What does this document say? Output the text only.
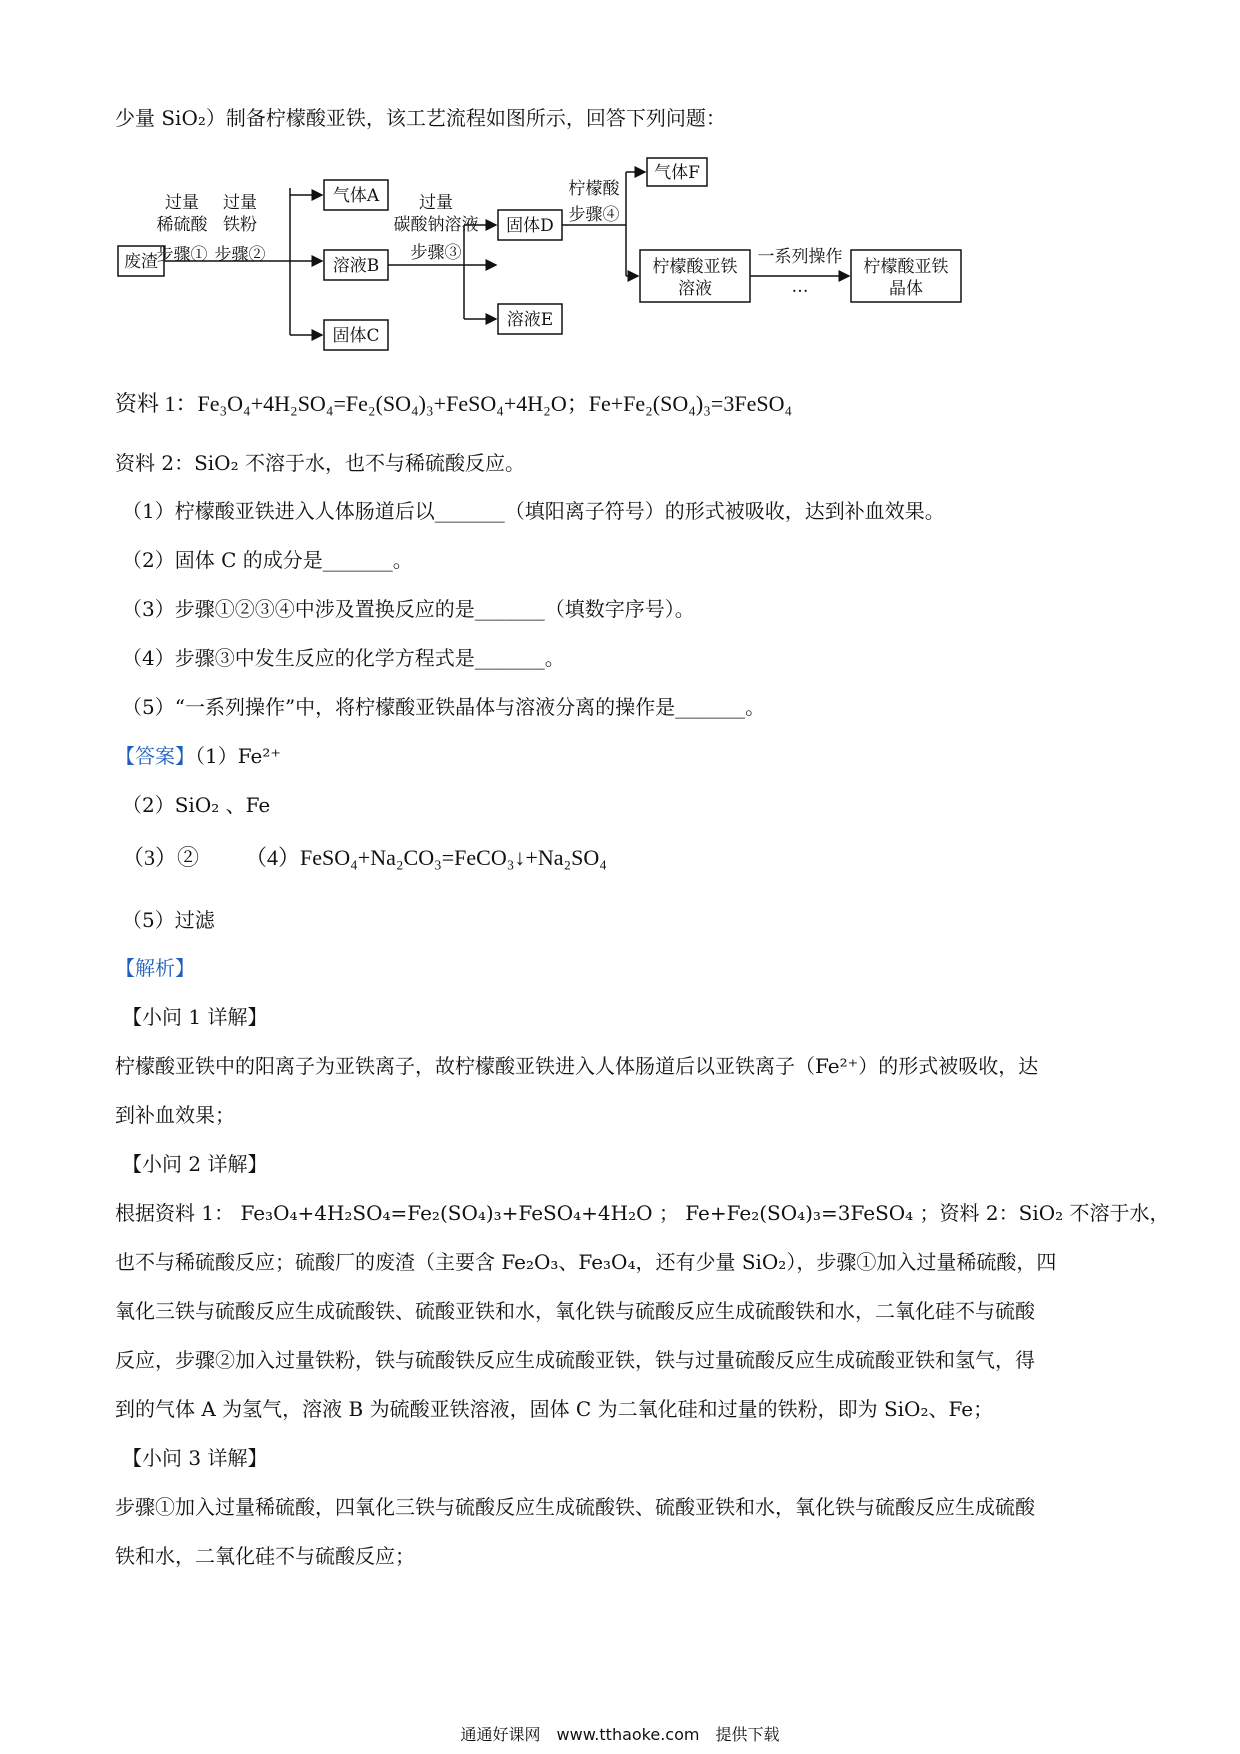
少量 SiO₂）制备柠檬酸亚铁，该工艺流程如图所示，回答下列问题：
废渣
气体A
溶液B
固体C
固体D
溶液E
气体F
柠檬酸亚铁
溶液
柠檬酸亚铁
晶体
过量
稀硫酸
步骤①
过量
铁粉
步骤②
过量
碳酸钠溶液
步骤③
柠檬酸
步骤④
一系列操作
…
资料 1：Fe₃O₄+4H₂SO₄=Fe₂(SO₄)₃+FeSO₄+4H₂O；Fe+Fe₂(SO₄)₃=3FeSO₄
资料 2：SiO₂ 不溶于水，也不与稀硫酸反应。
（1）柠檬酸亚铁进入人体肠道后以_______（填阳离子符号）的形式被吸收，达到补血效果。
（2）固体 C 的成分是_______。
（3）步骤①②③④中涉及置换反应的是_______（填数字序号）。
（4）步骤③中发生反应的化学方程式是_______。
（5）“一系列操作”中，将柠檬酸亚铁晶体与溶液分离的操作是_______。
【答案】（1）Fe²⁺
（2）SiO₂ 、Fe
（3）② （4）FeSO₄+Na₂CO₃=FeCO₃↓+Na₂SO₄
（5）过滤
【解析】
【小问 1 详解】
柠檬酸亚铁中的阳离子为亚铁离子，故柠檬酸亚铁进入人体肠道后以亚铁离子（Fe²⁺）的形式被吸收，达
到补血效果；
【小问 2 详解】
根据资料 1： Fe₃O₄+4H₂SO₄=Fe₂(SO₄)₃+FeSO₄+4H₂O ； Fe+Fe₂(SO₄)₃=3FeSO₄ ；资料 2：SiO₂ 不溶于水，
也不与稀硫酸反应；硫酸厂的废渣（主要含 Fe₂O₃、Fe₃O₄，还有少量 SiO₂），步骤①加入过量稀硫酸，四
氧化三铁与硫酸反应生成硫酸铁、硫酸亚铁和水，氧化铁与硫酸反应生成硫酸铁和水，二氧化硅不与硫酸
反应，步骤②加入过量铁粉，铁与硫酸铁反应生成硫酸亚铁，铁与过量硫酸反应生成硫酸亚铁和氢气，得
到的气体 A 为氢气，溶液 B 为硫酸亚铁溶液，固体 C 为二氧化硅和过量的铁粉，即为 SiO₂、Fe；
【小问 3 详解】
步骤①加入过量稀硫酸，四氧化三铁与硫酸反应生成硫酸铁、硫酸亚铁和水，氧化铁与硫酸反应生成硫酸
铁和水，二氧化硅不与硫酸反应；
通通好课网　www.tthaoke.com　提供下载
